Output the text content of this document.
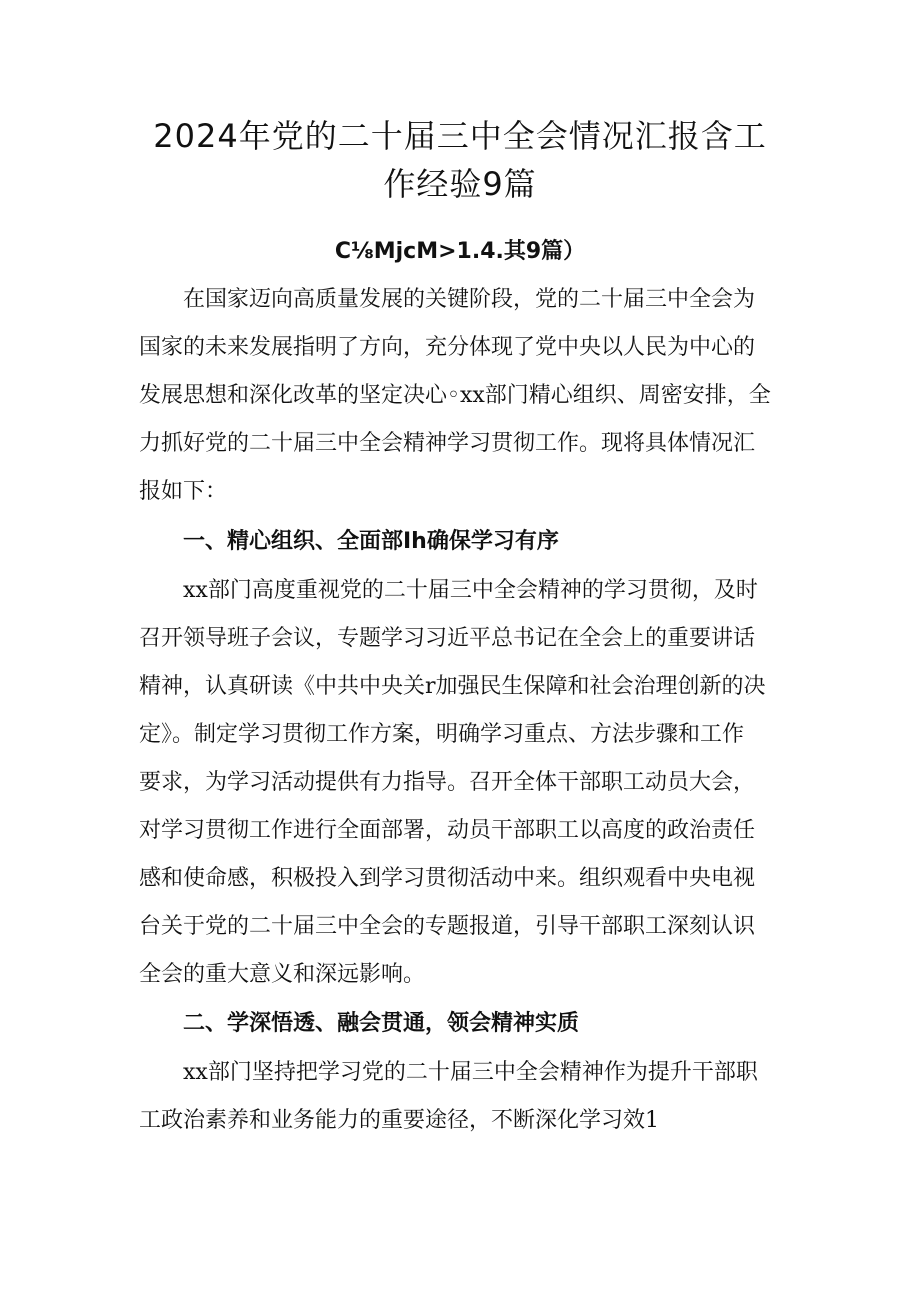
2024年党的二十届三中全会情况汇报含工
作经验9篇
C⅛MjcM>1.4.其9篇）
在国家迈向高质量发展的关键阶段，党的二十届三中全会为
国家的未来发展指明了方向，充分体现了党中央以人民为中心的
发展思想和深化改革的坚定决心◦xx部门精心组织、周密安排，全
力抓好党的二十届三中全会精神学习贯彻工作。现将具体情况汇
报如下：
一、精心组织、全面部Ih确保学习有序
xx部门高度重视党的二十届三中全会精神的学习贯彻，及时
召开领导班子会议，专题学习习近平总书记在全会上的重要讲话
精神，认真研读《中共中央关r加强民生保障和社会治理创新的决
定》。制定学习贯彻工作方案，明确学习重点、方法步骤和工作
要求，为学习活动提供有力指导。召开全体干部职工动员大会，
对学习贯彻工作进行全面部署，动员干部职工以高度的政治责任
感和使命感，积极投入到学习贯彻活动中来。组织观看中央电视
台关于党的二十届三中全会的专题报道，引导干部职工深刻认识
全会的重大意义和深远影响。
二、学深悟透、融会贯通，领会精神实质
xx部门坚持把学习党的二十届三中全会精神作为提升干部职
工政治素养和业务能力的重要途径，不断深化学习效1
